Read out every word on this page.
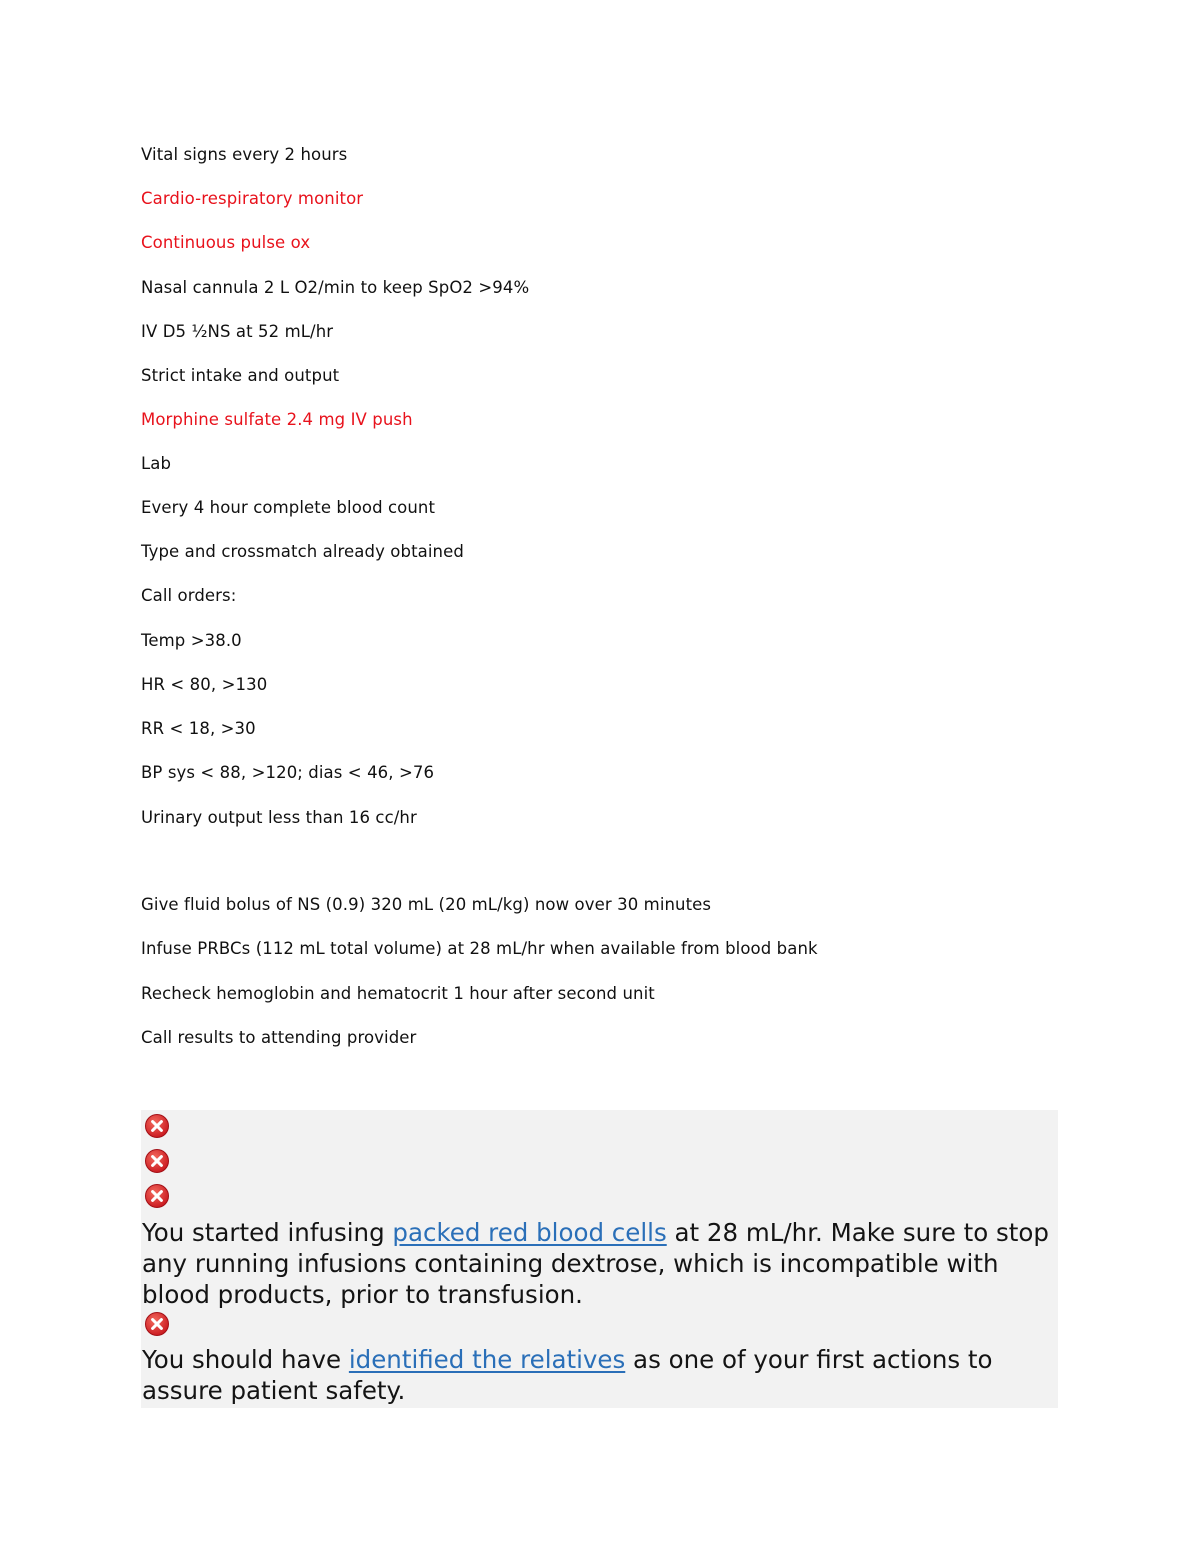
Vital signs every 2 hours
Cardio-respiratory monitor
Continuous pulse ox
Nasal cannula 2 L O2/min to keep SpO2 >94%
IV D5 ½NS at 52 mL/hr
Strict intake and output
Morphine sulfate 2.4 mg IV push
Lab
Every 4 hour complete blood count
Type and crossmatch already obtained
Call orders:
Temp >38.0
HR < 80, >130
RR < 18, >30
BP sys < 88, >120; dias < 46, >76
Urinary output less than 16 cc/hr
Give fluid bolus of NS (0.9) 320 mL (20 mL/kg) now over 30 minutes
Infuse PRBCs (112 mL total volume) at 28 mL/hr when available from blood bank
Recheck hemoglobin and hematocrit 1 hour after second unit
Call results to attending provider
You started infusing packed red blood cells at 28 mL/hr. Make sure to stop any running infusions containing dextrose, which is incompatible with blood products, prior to transfusion.
You should have identified the relatives as one of your first actions to assure patient safety.
